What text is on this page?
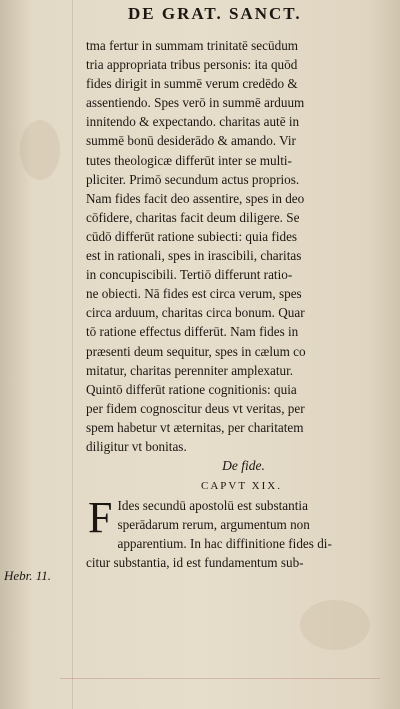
DE GRAT. SANCT.
tma fertur in summam trinitatē secūdum
tria appropriata tribus personis: ita quōd
fides dirigit in summē verum credēdo &
assentiendo. Spes verō in summē arduum
innitendo & expectando. charitas autē in
summē bonū desiderādo & amando. Vir
tutes theologicæ differūt inter se multi-
pliciter. Primō secundum actus proprios.
Nam fides facit deo assentire, spes in deo
cōfidere, charitas facit deum diligere. Se
cūdō differūt ratione subiecti: quia fides
est in rationali, spes in irascibili, charitas
in concupiscibili. Tertiō differunt ratio-
ne obiecti. Nā fides est circa verum, spes
circa arduum, charitas circa bonum. Quar
tō ratione effectus differūt. Nam fides in
præsenti deum sequitur, spes in cælum co
mitatur, charitas perenniter amplexatur.
Quintō differūt ratione cognitionis: quia
per fidem cognoscitur deus vt veritas, per
spem habetur vt æternitas, per charitatem
diligitur vt bonitas.
De fide.
CAPVT XIX.
F Ides secundū apostolū est substantia
sperādarum rerum, argumentum non
apparentium. In hac diffinitione fides di-
citur substantia, id est fundamentum sub-
Hebr. 11.
